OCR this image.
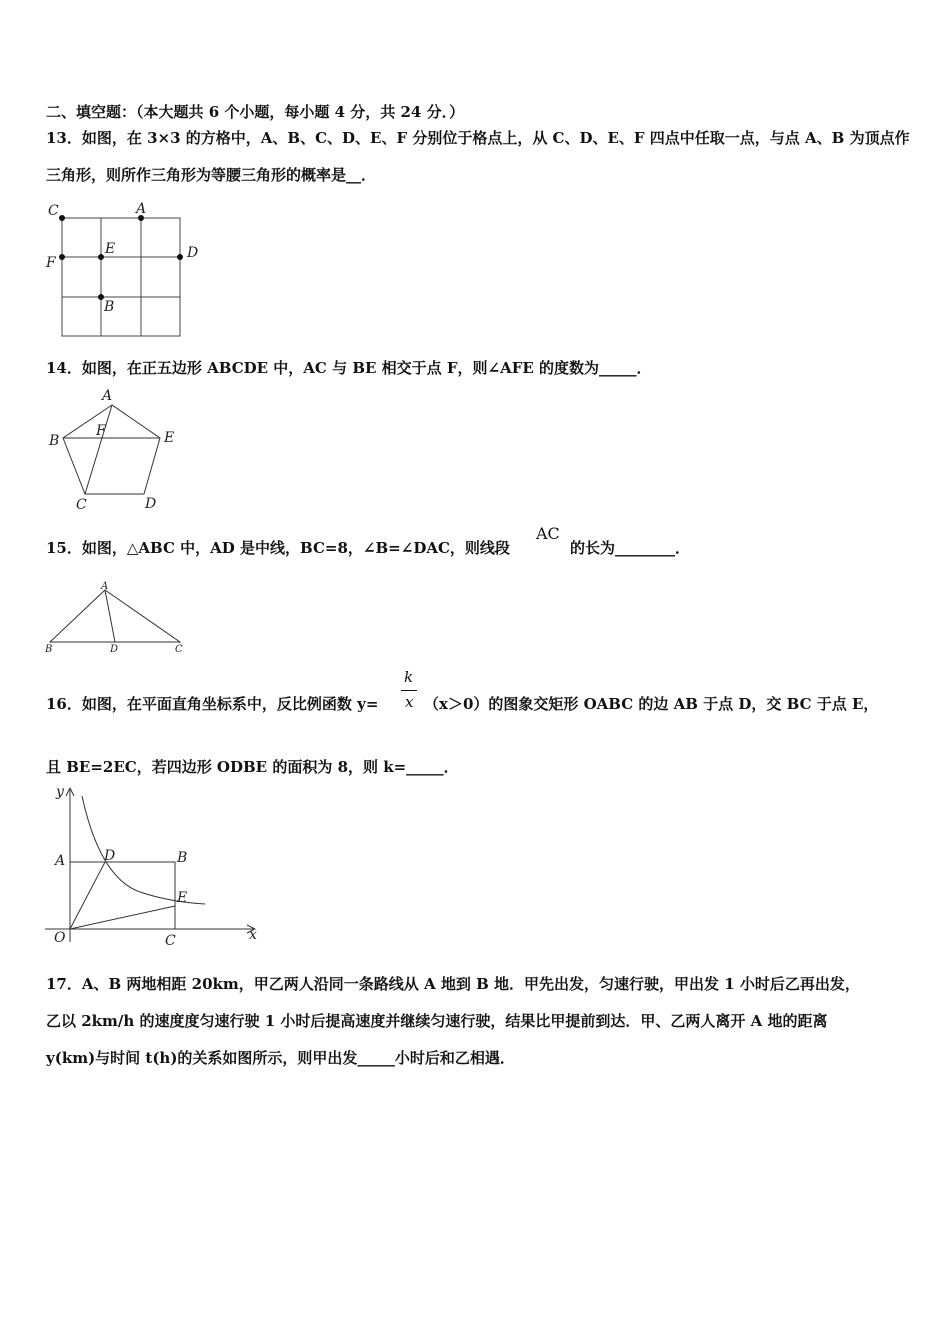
二、填空题：（本大题共 6 个小题，每小题 4 分，共 24 分．）
13．如图，在 3×3 的方格中，A、B、C、D、E、F 分别位于格点上，从 C、D、E、F 四点中任取一点，与点 A、B 为顶点作
三角形，则所作三角形为等腰三角形的概率是__．
C	A
F
E	D
B
14．如图，在正五边形 ABCDE 中，AC 与 BE 相交于点 F，则∠AFE 的度数为_____．
A
B
F	E
C	D
15．如图，△ABC 中，AD 是中线，BC=8，∠B=∠DAC，则线段
AC
的长为________．
A
B	D	C
16．如图，在平面直角坐标系中，反比例函数 y=
k
x （x＞0）的图象交矩形 OABC 的边 AB 于点 D，交 BC 于点 E，
且 BE=2EC，若四边形 ODBE 的面积为 8，则 k=_____．
y
A	D	B
E
O	C	x
17．A、B 两地相距 20km，甲乙两人沿同一条路线从 A 地到 B 地．甲先出发，匀速行驶，甲出发 1 小时后乙再出发，
乙以 2km/h 的速度度匀速行驶 1 小时后提高速度并继续匀速行驶，结果比甲提前到达．甲、乙两人离开 A 地的距离
y(km)与时间 t(h)的关系如图所示，则甲出发_____小时后和乙相遇．
